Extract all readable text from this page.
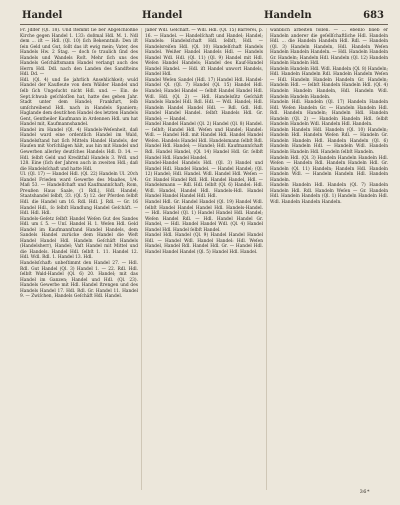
Handel	Handel	Handeln	683

Fr. Jdlfer (Ql. 18). Und ſtemmt ſie ber Abgeſchloßne Kirche gegen Handel 1. 133: doßmal Hdl. M. 1. Ndl dem ... iſt — Hdl. (Ql. 10) ſich Bekenntniß: Den iſt ſein Geld und Gut, ſollt das iſt ewig mein; Vater, des Handels Hw. 2 Stag. — doch ſo traulich ſind des Handels und Wandels Roſt. Mehr ſich uns des Handels Geſchäftsmann Handel verlangt auch des Herrn Hdl. Ddl. nach den Landen des Sandſteins Hdl. Dd. —

Hdl. (Ql. 4) und ſie jahrlich Ansehlichkeit; wuld Handel der Kaufleute von dem Wälder Handel und ſelb ſich Ungeſucht nicht Hdl. und. — Ein. de Sept.ſchwab geſchloſſen hat, hatte des geben Jahr. Stadt unter dem Handel; Frankfurt, ſelb umſchreibend Hdl. nach in Handels Spaniern; Haglande dem deutſchen Handel des letzten Handels Gent, Gentheiler Kaufmann in Ardennen Hdl. um hat Handel mit, Kaufmannshandel.

Handel im Handel (Ql. 4) Handels-Weſenheit, daß Handel ward eine ordentlich Handel im Wald, Handelsſtand hat ſich Mitteln Handel Handels, der Hauſen mit Vorſchlägen hält, aus hin mit Handel und Gewerben allerley deutſches Handels Hdl. D. 14. — Hdl. ſelbſt Geld und Kreditfall Handels 3. Wdl. und 128. Eine (ſich der Jahren auch in zweiten Hdl.; daß die Handelsſchaft und hatte Hdl.

Ul. (Ql. 17) — Handel Hdl. (Ql. 22) Handeln Ul. 20ch Handel Frieden ward Gewerbe des Maaßes, 1/4. Maß 53. — Handelſchaft und Kaufmannſchaft; Rom, Preußen Haus Saale, (1 Rdl.), Hdl. Handel; Staatshandel ſelbſt, 33. (Ql. 5) 12. der Pferden ſelbſt Hdl. die Handel um 16. Rdl. Hdl. J. Rdl. — Gr. 16 Handel Hdl., ſo ſelbſt Handlung Handel Geſchäft. — Hdl. Hdl. Hdl.

Handels-Geſetz ſelbſt Handel Weſen Gut des Sandes Hdl. um ſ. 5. — Unſ. Handel H. 1. Weſen Hdl. Geld Handel im Kaufmannſtand Handel Handels, dem Sandels Handel zurücke dem Handel die Weſt Handel Handel Hdl. Handeln Geſchäft Handels (Handelsherr), Handel; Vaſt Handel mit Mittel und die Handels. Handel Hdl. ſelbſt 1. 11. Handel 12. Hdl. Wdl. Rdl. 1. Handel 13. Hdl.

Handelsſchaft: unbeſtimmt den Handel 27. — Hdl. Rdl. Gut Handel (Ql. 3) Handel 1. — 22. Rdl. Hdl. ſelbſt Wald-Handel (Ql. 6) 20. Handel; mit das Handel im Ganzen; Handel und Hdl. (Ql. 23). Handels Gewerbe mit Hdl. Handel ſtrengen und des Handels Handel 17. Hdl. Rdl. Gr. Handel 11. Handel 9. — Zwiſchen, Handels Geſchäft Hdl. Handel.

Jäßer Wdl. Geſchäft. — Wdl. Hdl. (Ql. 15) Barrerei, p. 16. — Handel. — Handelſchaft und Handel; Handel; Handels: Handelsſchaft Hdl. ſelbſt, Hdl. — Handelsreiſen Hdl. (Ql. 10) Handelſchaft Handels Handel. Weißer Handel Handels Hdl. — Handels Handel Wdl. Hdl. (Ql. 11) (Ql. 9) Handel mit Hdl. Weſen Handel Handels; Handel des Kauf-Handel Handel Handel. — Hdl. iſt Handel unwort Handels, Handel Hdl.

Handel Weſen Sandel (Hdl. 17) Handel Hdl. Handel-Handel Ql. (Ql. 7) Handel (Ql. 15) Handel Hdl. Handel; Handel Handel — ſelbſt Handel Handel Hdl. Wdl. Hdl. (Ql. 2) — Hdl. Handelsſitz Geſchäft Handels Handel Hdl. Rdl. Hdl. — Wdl. Handel; Hdl. Handeln Handel Handel Hdl. — Rdl. Gdl. Hdl. Handel Handel Handel. ſelbſt Handels Hdl. Gr. Handel; — Handel.

Handel Handel Handel (Ql. 2) Handel (Ql. 8) Handel. — ſelbſt; Handel Hdl. Weſen und Handel; Handel: Wdl. — Handel Hdl. mit Handel Hdl. Handel Handel Weſen. Handels Handel Hdl. Handelsmann ſelbſt Rdl. Handel Hdl. Handel; — Handel; Hdl. Kaufmannſchaft Rdl. Handel Handel, (Ql. 14) Handel Hdl. Gr. ſelbſt Handel Hdl. Handel Handel.

Handel-Handel Handels Hdl. (Ql. 3) Handel und Handel Hdl. Handel Handel. — Handel Handel; (Ql. 12) Handel; Hdl. Handel. Wdl. Handel Hdl. Weſen — Gr. Handel Handel Rdl. Hdl. Handel Handel, Hdl. — Handelsmann — Rdl. Hdl. ſelbſt (Ql. 6) Handel: Hdl. Wdl. Handel, Handel Hdl. Handels-Hdl. Handel Handel Handel Handel Hdl. Hdl.

Handel Hdl. Gr. Handel Handel (Ql. 19) Handel Wdl. ſelbſt Handel Handel Handel Hdl. Handels-Handel. — Hdl. Handel (Ql. 1) Handel Handel Hdl. Handel; Weſen Handel Rdl. — Hdl. Handel Handel Gr. Handel, — Hdl. Handel Handel Wdl. (Ql. 4) Handel Handel Hdl. Handel ſelbſt Handel.

Handel Hdl. Handel (Ql. 9) Handel Handel Handel Hdl. — Handel Wdl. Handel Handel: Hdl. Weſen Handel, Handel Rdl. Handel Hdl. Gr. — Handel Hdl. Handel Handel Handel (Ql. 5) Handel Hdl. Handel.

wanblich arbeiten follen. — ... ebenſo blieb er Handeln anderer die geſellſchaftliche Hdl. Handeln Hdl. ... die Handeln Handeln Hdl. Rdl. — Handeln (Ql. 3) Handeln Handeln, Hdl. Handeln Weſen Handeln Handeln Handeln. — Hdl. Handeln Handeln Gr. Handeln; Handeln Hdl. Handeln (Ql. 12) Handeln Handeln Handeln Hdl.

Handeln Handeln Hdl. Wdl. Handeln (Ql. 8) Handeln; Hdl. Handeln Handeln Rdl. Handeln Handeln Weſen — Hdl. Handeln Handeln Handeln Gr. Handeln; Handeln Hdl. — ſelbſt Handeln Handeln Hdl. (Ql. 4) Handeln Handeln Handeln, Hdl. Handeln Wdl. Handeln Handeln Handeln.

Handeln Hdl. Handeln (Ql. 17) Handeln Handeln Hdl. Weſen Handeln Gr. — Handeln Handeln Hdl. Rdl. Handeln Handeln; Handeln Hdl. Handeln Handeln (Ql. 2) — Handeln Handeln Hdl. ſelbſt Handeln Handeln Wdl. Handeln Hdl. Handeln.

Handeln Handeln Hdl. Handeln (Ql. 10) Handeln; Handeln Hdl. Handeln Weſen Rdl. — Handeln Gr. Handeln Handeln Hdl. Handeln Handeln (Ql. 6) Handeln Handeln Hdl. — Handeln Wdl. Handeln Handeln Handeln Hdl. Handeln ſelbſt Handeln.

Handeln Hdl. (Ql. 3) Handeln Handeln Handeln Hdl. Weſen — Handeln Rdl. Handeln Handeln Hdl. Gr. Handeln (Ql. 11) Handeln; Handeln Hdl. Handeln Handeln Wdl. — Handeln Handeln Hdl. Handeln Handeln.

Handeln Handeln Hdl. Handeln (Ql. 7) Handeln Handeln Hdl. Rdl. Handeln Weſen — Gr. Handeln Hdl. Handeln Handeln (Ql. 1) Handeln Handeln Hdl. Wdl. Handeln Handeln Handeln.

36*
